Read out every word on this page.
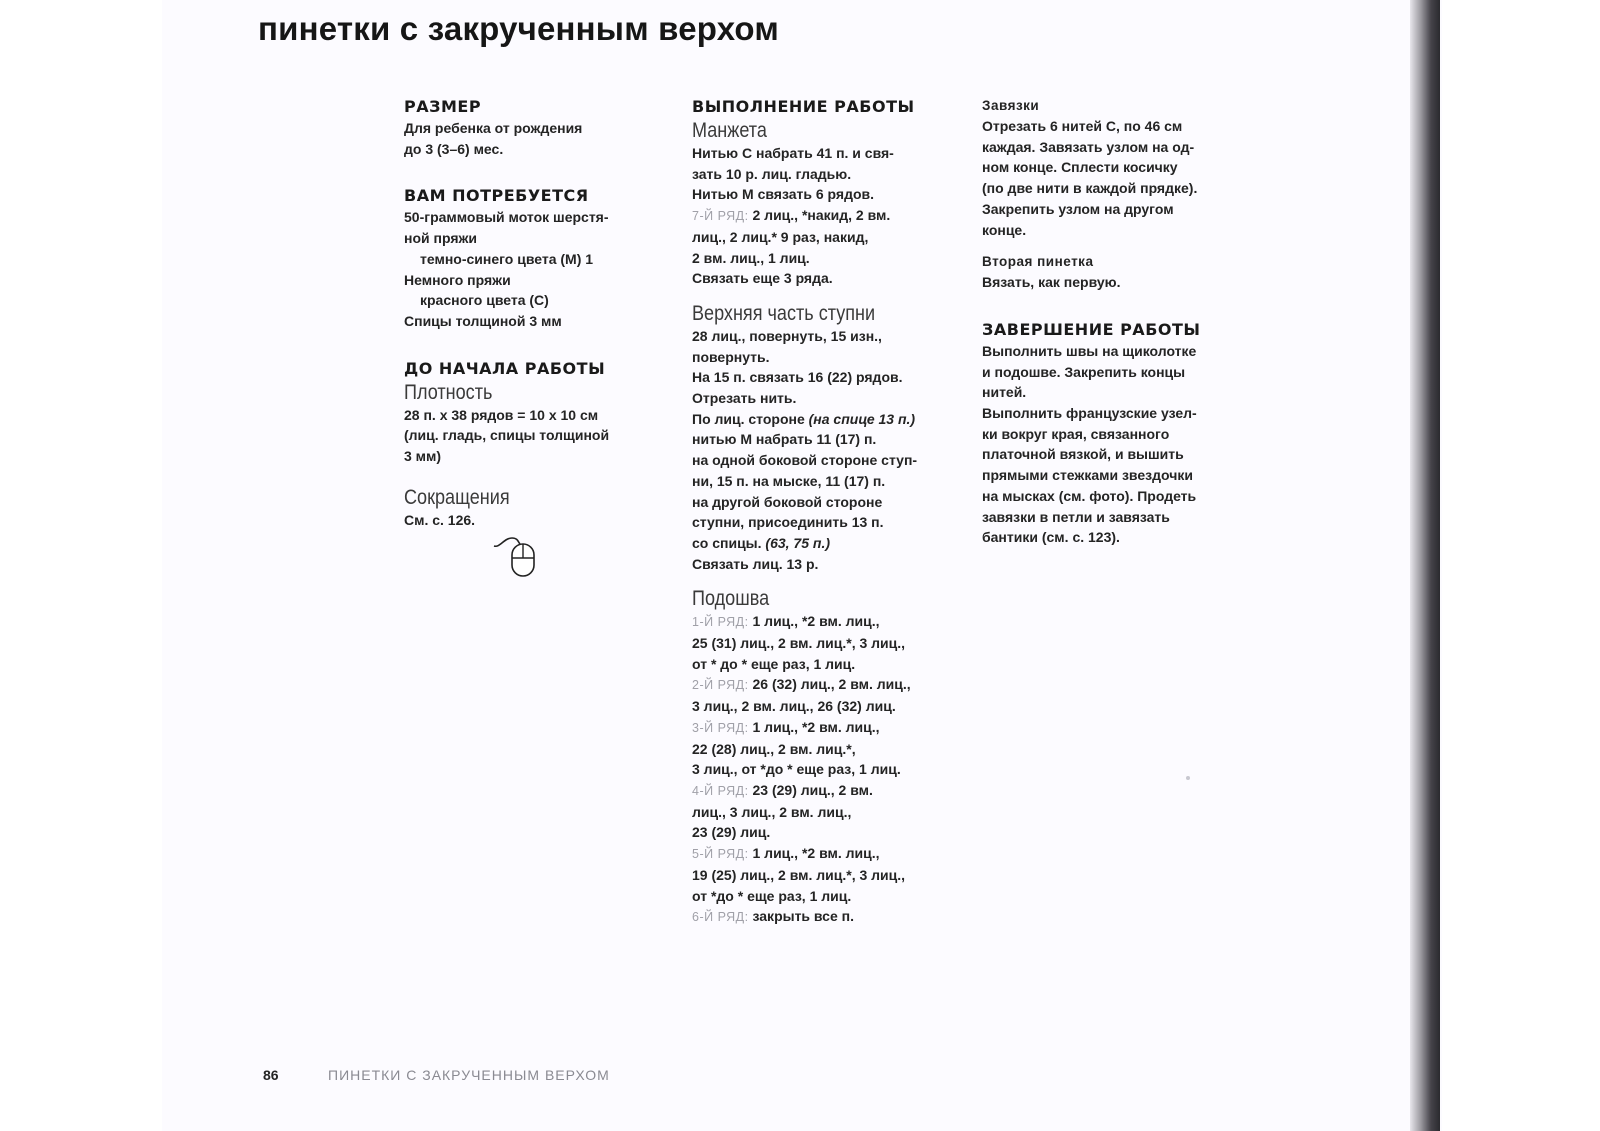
пинетки с закрученным верхом
РАЗМЕР
Для ребенка от рождения
до 3 (3–6) мес.
ВАМ ПОТРЕБУЕТСЯ
50-граммовый моток шерстя-
ной пряжи
темно-синего цвета (М) 1
Немного пряжи
красного цвета (С)
Спицы толщиной 3 мм
ДО НАЧАЛА РАБОТЫ
Плотность
28 п. x 38 рядов = 10 x 10 см
(лиц. гладь, спицы толщиной
3 мм)
Сокращения
См. с. 126.
ВЫПОЛНЕНИЕ РАБОТЫ
Манжета
Нитью С набрать 41 п. и свя-
зать 10 р. лиц. гладью.
Нитью М связать 6 рядов.
7-Й РЯД: 2 лиц., *накид, 2 вм.
лиц., 2 лиц.* 9 раз, накид,
2 вм. лиц., 1 лиц.
Связать еще 3 ряда.
Верхняя часть ступни
28 лиц., повернуть, 15 изн.,
повернуть.
На 15 п. связать 16 (22) рядов.
Отрезать нить.
По лиц. стороне (на спице 13 п.)
нитью М набрать 11 (17) п.
на одной боковой стороне ступ-
ни, 15 п. на мыске, 11 (17) п.
на другой боковой стороне
ступни, присоединить 13 п.
со спицы. (63, 75 п.)
Связать лиц. 13 р.
Подошва
1-Й РЯД: 1 лиц., *2 вм. лиц.,
25 (31) лиц., 2 вм. лиц.*, 3 лиц.,
от * до * еще раз, 1 лиц.
2-Й РЯД: 26 (32) лиц., 2 вм. лиц.,
3 лиц., 2 вм. лиц., 26 (32) лиц.
3-Й РЯД: 1 лиц., *2 вм. лиц.,
22 (28) лиц., 2 вм. лиц.*,
3 лиц., от *до * еще раз, 1 лиц.
4-Й РЯД: 23 (29) лиц., 2 вм.
лиц., 3 лиц., 2 вм. лиц.,
23 (29) лиц.
5-Й РЯД: 1 лиц., *2 вм. лиц.,
19 (25) лиц., 2 вм. лиц.*, 3 лиц.,
от *до * еще раз, 1 лиц.
6-Й РЯД: закрыть все п.
Завязки
Отрезать 6 нитей С, по 46 см
каждая. Завязать узлом на од-
ном конце. Сплести косичку
(по две нити в каждой прядке).
Закрепить узлом на другом
конце.
Вторая пинетка
Вязать, как первую.
ЗАВЕРШЕНИЕ РАБОТЫ
Выполнить швы на щиколотке
и подошве. Закрепить концы
нитей.
Выполнить французские узел-
ки вокруг края, связанного
платочной вязкой, и вышить
прямыми стежками звездочки
на мысках (см. фото). Продеть
завязки в петли и завязать
бантики (см. с. 123).
86	ПИНЕТКИ С ЗАКРУЧЕННЫМ ВЕРХОМ
